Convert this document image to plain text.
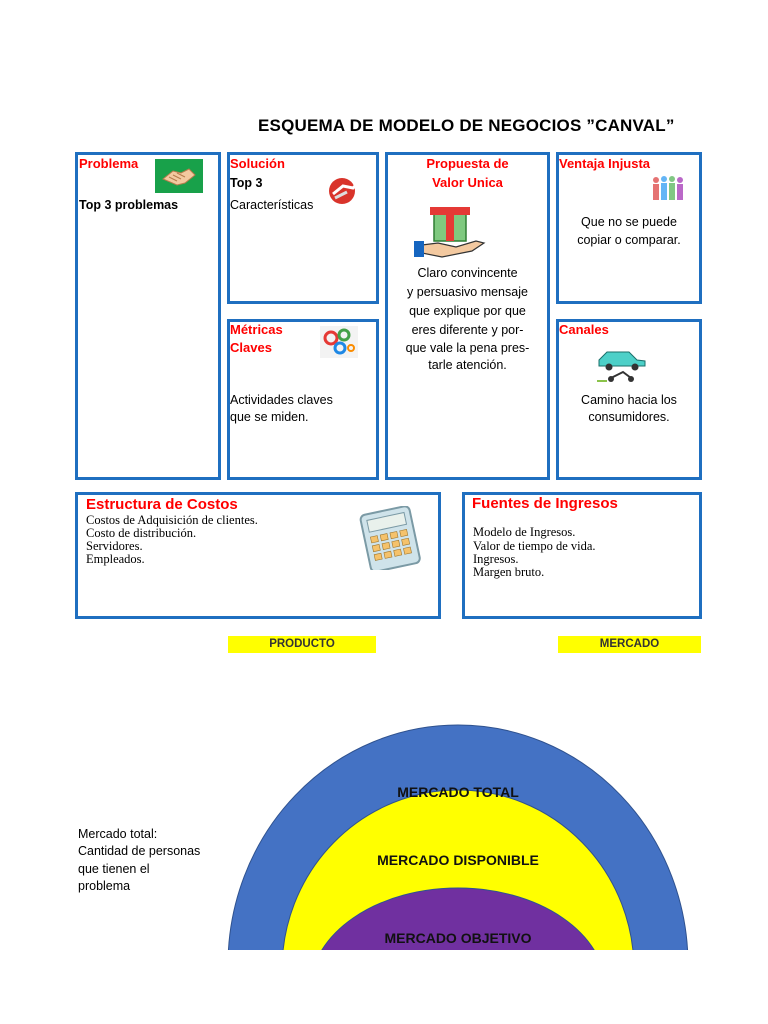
ESQUEMA DE MODELO DE NEGOCIOS ”CANVAL”
Problema
Top 3 problemas
Solución
Top 3
Características
Propuesta de
Valor Unica
Claro convincente
y persuasivo mensaje
que explique por que
eres diferente y por-
que vale la pena pres-
tarle atención.
Ventaja Injusta
Que no se puede
copiar o comparar.
Métricas
Claves
Actividades claves
que se miden.
Canales
Camino hacia los
consumidores.
Estructura de Costos
Costos de Adquisición de clientes.
Costo de distribución.
Servidores.
Empleados.
Fuentes de Ingresos
Modelo de Ingresos.
Valor de tiempo de vida.
Ingresos.
Margen bruto.
PRODUCTO	MERCADO
MERCADO TOTAL
MERCADO DISPONIBLE
MERCADO OBJETIVO
Mercado total:
Cantidad de personas
que tienen el
problema
